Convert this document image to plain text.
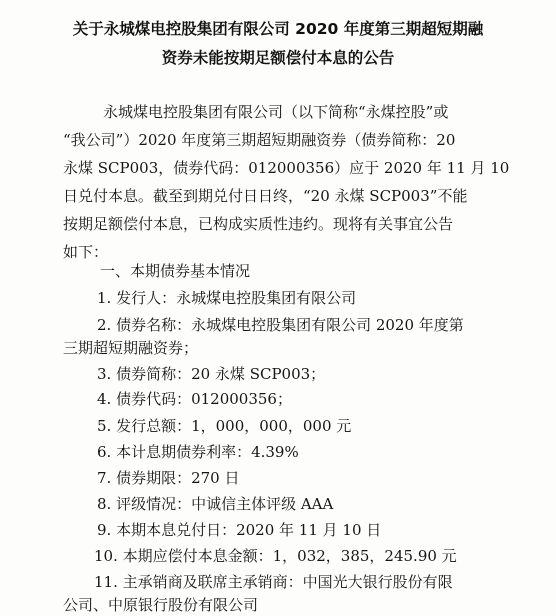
关于永城煤电控股集团有限公司 2020 年度第三期超短期融
资券未能按期足额偿付本息的公告
永城煤电控股集团有限公司（以下简称“永煤控股”或
“我公司”）2020 年度第三期超短期融资券（债券简称：20
永煤 SCP003，债券代码：012000356）应于 2020 年 11 月 10
日兑付本息。截至到期兑付日日终，“20 永煤 SCP003”不能
按期足额偿付本息，已构成实质性违约。现将有关事宜公告
如下：
一、本期债券基本情况
1. 发行人：永城煤电控股集团有限公司
2. 债券名称：永城煤电控股集团有限公司 2020 年度第
三期超短期融资券；
3. 债券简称：20 永煤 SCP003；
4. 债券代码：012000356；
5. 发行总额：1，000，000，000 元
6. 本计息期债券利率：4.39%
7. 债券期限：270 日
8. 评级情况：中诚信主体评级 AAA
9. 本期本息兑付日：2020 年 11 月 10 日
10. 本期应偿付本息金额：1，032，385，245.90 元
11. 主承销商及联席主承销商：中国光大银行股份有限
公司、中原银行股份有限公司
